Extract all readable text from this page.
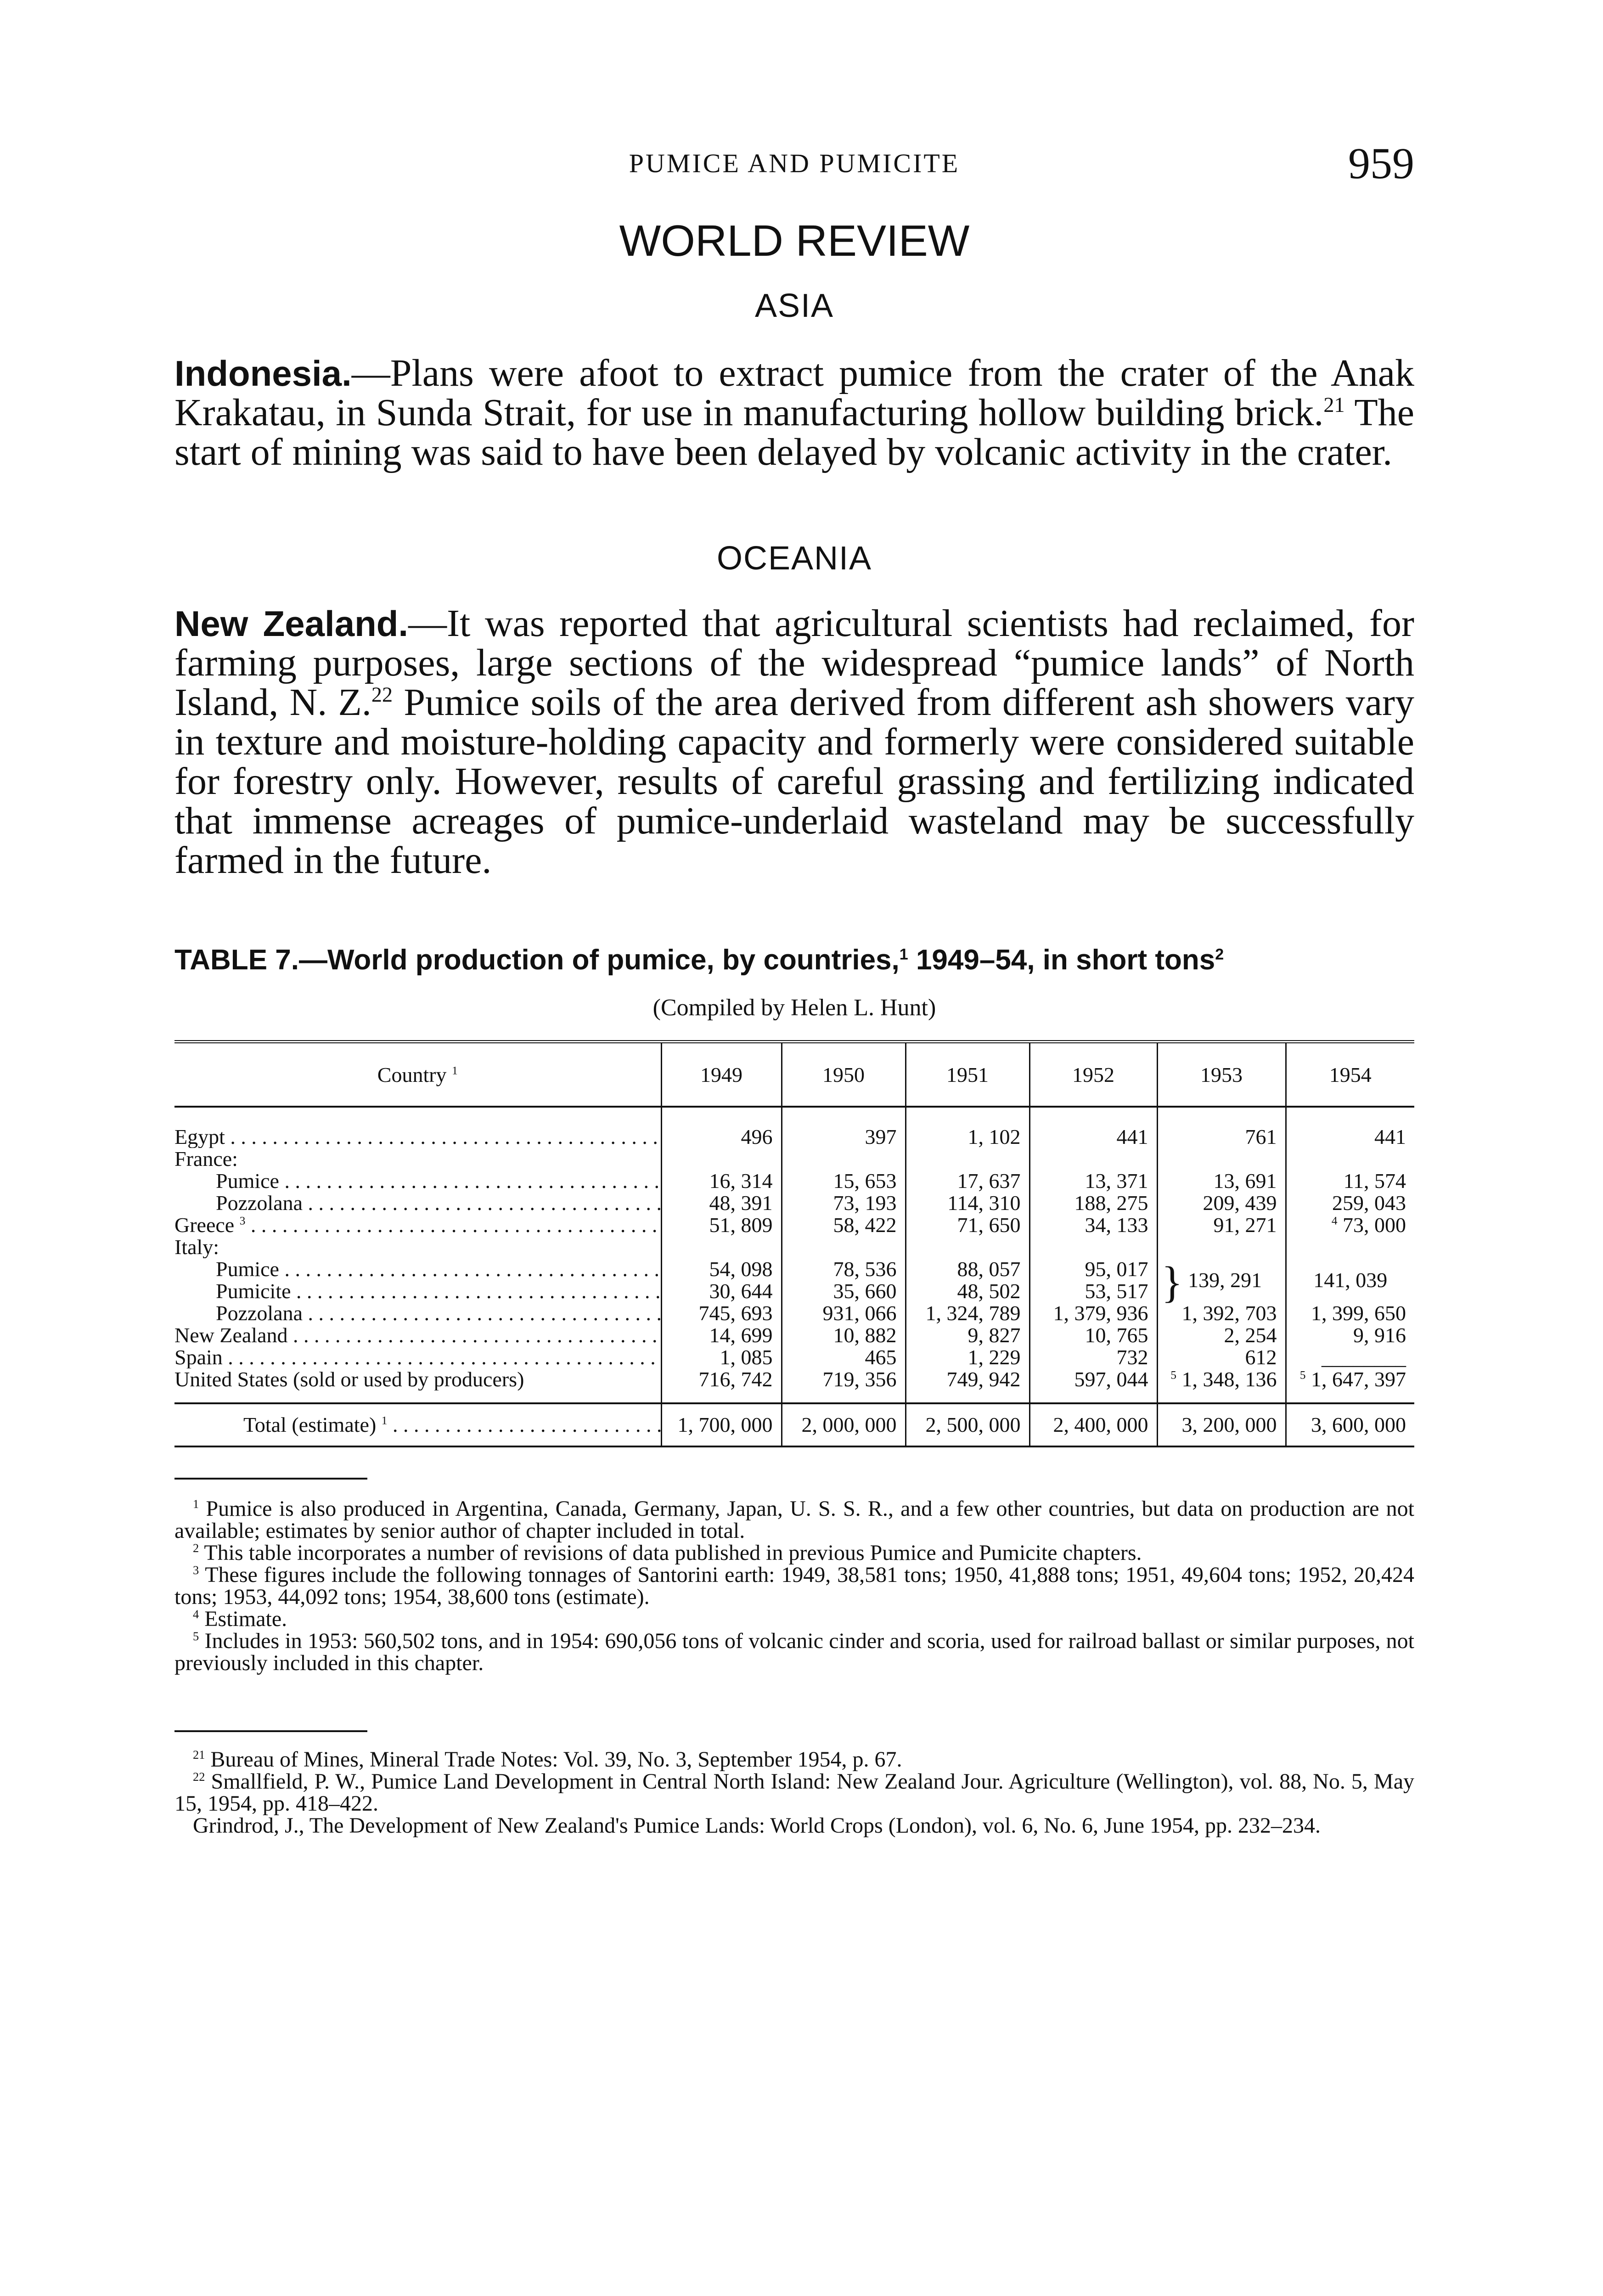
PUMICE AND PUMICITE	959
WORLD REVIEW
ASIA

Indonesia.—Plans were afoot to extract pumice from the crater of the Anak Krakatau, in Sunda Strait, for use in manufacturing hollow building brick.$^{21}$ The start of mining was said to have been delayed by volcanic activity in the crater.

OCEANIA

New Zealand.—It was reported that agricultural scientists had reclaimed, for farming purposes, large sections of the widespread “pumice lands” of North Island, N. Z.$^{22}$ Pumice soils of the area derived from different ash showers vary in texture and moisture-holding capacity and formerly were considered suitable for forestry only. However, results of careful grassing and fertilizing indicated that immense acreages of pumice-underlaid wasteland may be successfully farmed in the future.

TABLE 7.—World production of pumice, by countries,$^1$ 1949–54, in short tons$^2$

(Compiled by Helen L. Hunt)
Country $^1$	1949	1950	1951	1952	1953	1954

Egypt . . .	496	397	1, 102	441	761	441
France:						
Pumice . . .	16, 314	15, 653	17, 637	13, 371	13, 691	11, 574
Pozzolana . . .	48, 391	73, 193	114, 310	188, 275	209, 439	259, 043
Greece $^3$ . . .	51, 809	58, 422	71, 650	34, 133	91, 271	$^4$ 73, 000
Italy:						
Pumice . . .	54, 098	78, 536	88, 057	95, 017	} 139, 291	141, 039
Pumicite . . .	30, 644	35, 660	48, 502	53, 517		
Pozzolana . . .	745, 693	931, 066	1, 324, 789	1, 379, 936	1, 392, 703	1, 399, 650
New Zealand . . .	14, 699	10, 882	9, 827	10, 765	2, 254	9, 916
Spain . . .	1, 085	465	1, 229	732	612	________
United States (sold or used by producers)	716, 742	719, 356	749, 942	597, 044	$^5$ 1, 348, 136	$^5$ 1, 647, 397

Total (estimate) $^1$ . . .	1, 700, 000	2, 000, 000	2, 500, 000	2, 400, 000	3, 200, 000	3, 600, 000
$^1$ Pumice is also produced in Argentina, Canada, Germany, Japan, U. S. S. R., and a few other countries, but data on production are not available; estimates by senior author of chapter included in total.
$^2$ This table incorporates a number of revisions of data published in previous Pumice and Pumicite chapters.
$^3$ These figures include the following tonnages of Santorini earth: 1949, 38,581 tons; 1950, 41,888 tons; 1951, 49,604 tons; 1952, 20,424 tons; 1953, 44,092 tons; 1954, 38,600 tons (estimate).
$^4$ Estimate.
$^5$ Includes in 1953: 560,502 tons, and in 1954: 690,056 tons of volcanic cinder and scoria, used for railroad ballast or similar purposes, not previously included in this chapter.
$^{21}$ Bureau of Mines, Mineral Trade Notes: Vol. 39, No. 3, September 1954, p. 67.
$^{22}$ Smallfield, P. W., Pumice Land Development in Central North Island: New Zealand Jour. Agriculture (Wellington), vol. 88, No. 5, May 15, 1954, pp. 418–422.
Grindrod, J., The Development of New Zealand's Pumice Lands: World Crops (London), vol. 6, No. 6, June 1954, pp. 232–234.
